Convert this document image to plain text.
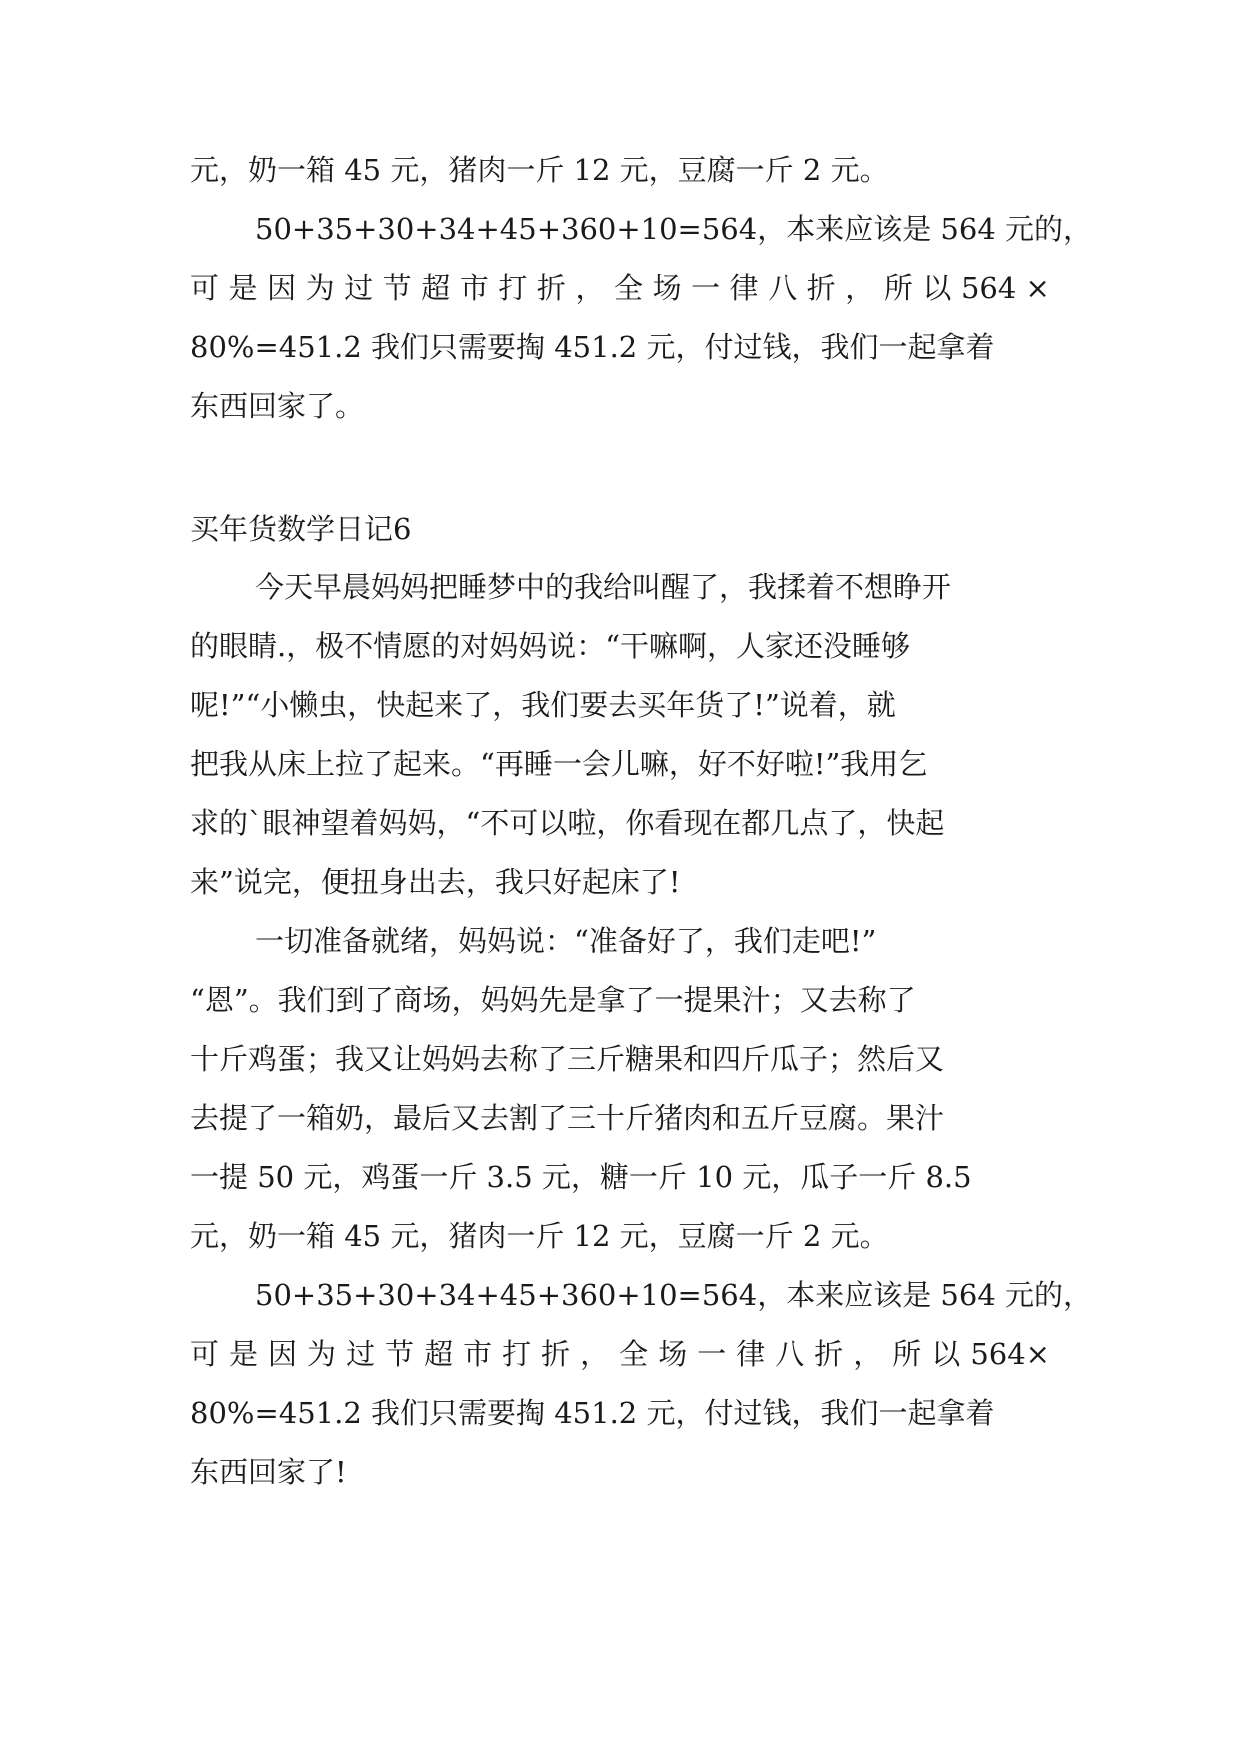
元，奶一箱 45 元，猪肉一斤 12 元，豆腐一斤 2 元。
50+35+30+34+45+360+10=564，本来应该是 564 元的，
可 是 因 为 过 节 超 市 打 折 ， 全 场 一 律 八 折 ， 所 以 564 ×
80%=451.2 我们只需要掏 451.2 元，付过钱，我们一起拿着
东西回家了。
买年货数学日记6
今天早晨妈妈把睡梦中的我给叫醒了，我揉着不想睁开
的眼睛.，极不情愿的对妈妈说：“干嘛啊，人家还没睡够
呢!”“小懒虫，快起来了，我们要去买年货了!”说着，就
把我从床上拉了起来。“再睡一会儿嘛，好不好啦!”我用乞
求的`眼神望着妈妈，“不可以啦，你看现在都几点了，快起
来”说完，便扭身出去，我只好起床了!
一切准备就绪，妈妈说：“准备好了，我们走吧!”
“恩”。我们到了商场，妈妈先是拿了一提果汁；又去称了
十斤鸡蛋；我又让妈妈去称了三斤糖果和四斤瓜子；然后又
去提了一箱奶，最后又去割了三十斤猪肉和五斤豆腐。果汁
一提 50 元，鸡蛋一斤 3.5 元，糖一斤 10 元，瓜子一斤 8.5
元，奶一箱 45 元，猪肉一斤 12 元，豆腐一斤 2 元。
50+35+30+34+45+360+10=564，本来应该是 564 元的，
可 是 因 为 过 节 超 市 打 折 ， 全 场 一 律 八 折 ， 所 以 564×
80%=451.2 我们只需要掏 451.2 元，付过钱，我们一起拿着
东西回家了!
